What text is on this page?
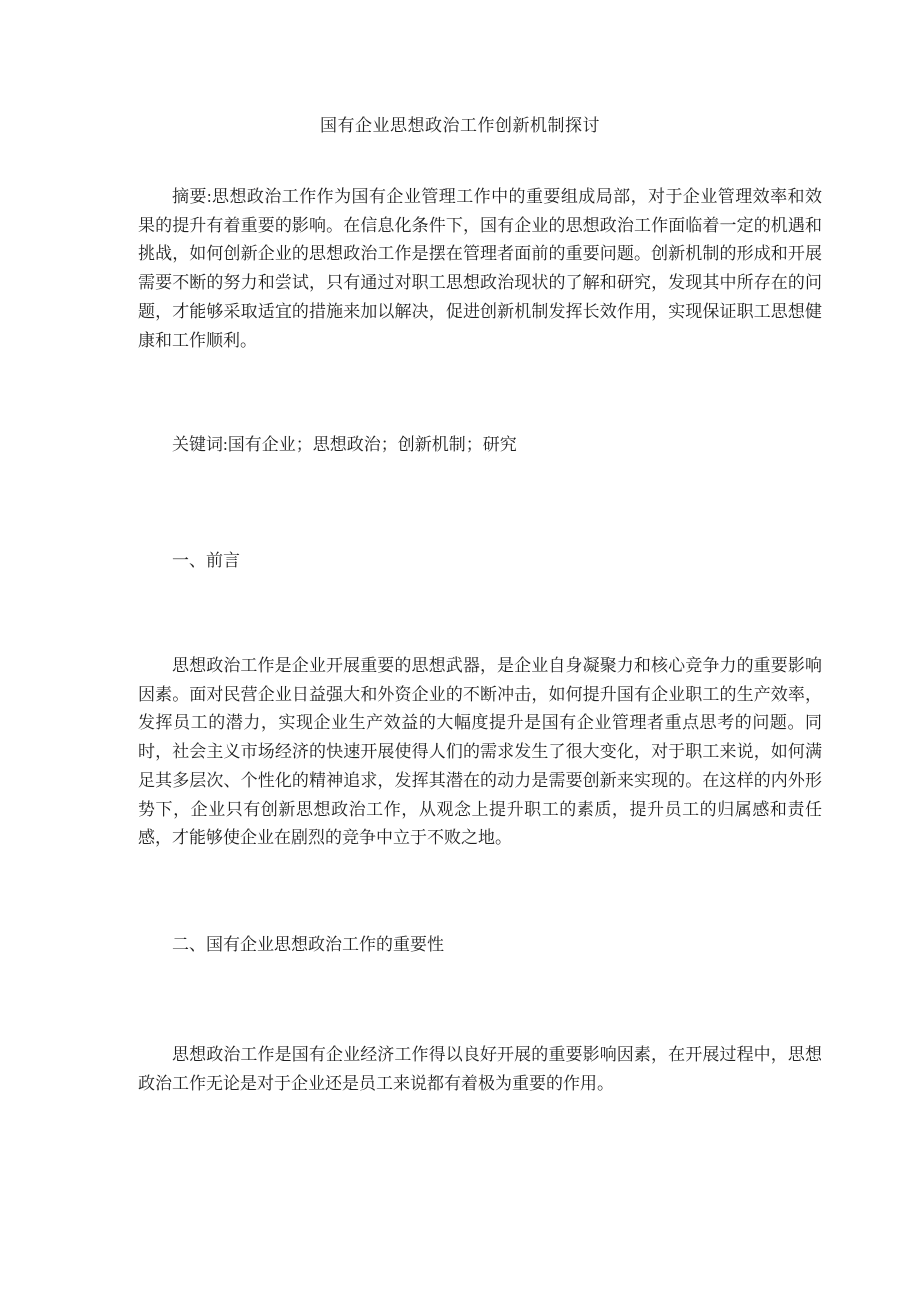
国有企业思想政治工作创新机制探讨
摘要:思想政治工作作为国有企业管理工作中的重要组成局部，对于企业管理效率和效果的提升有着重要的影响。在信息化条件下，国有企业的思想政治工作面临着一定的机遇和挑战，如何创新企业的思想政治工作是摆在管理者面前的重要问题。创新机制的形成和开展需要不断的努力和尝试，只有通过对职工思想政治现状的了解和研究，发现其中所存在的问题，才能够采取适宜的措施来加以解决，促进创新机制发挥长效作用，实现保证职工思想健康和工作顺利。
关键词:国有企业；思想政治；创新机制；研究
一、前言
思想政治工作是企业开展重要的思想武器，是企业自身凝聚力和核心竞争力的重要影响因素。面对民营企业日益强大和外资企业的不断冲击，如何提升国有企业职工的生产效率，发挥员工的潜力，实现企业生产效益的大幅度提升是国有企业管理者重点思考的问题。同时，社会主义市场经济的快速开展使得人们的需求发生了很大变化，对于职工来说，如何满足其多层次、个性化的精神追求，发挥其潜在的动力是需要创新来实现的。在这样的内外形势下，企业只有创新思想政治工作，从观念上提升职工的素质，提升员工的归属感和责任感，才能够使企业在剧烈的竞争中立于不败之地。
二、国有企业思想政治工作的重要性
思想政治工作是国有企业经济工作得以良好开展的重要影响因素，在开展过程中，思想政治工作无论是对于企业还是员工来说都有着极为重要的作用。
